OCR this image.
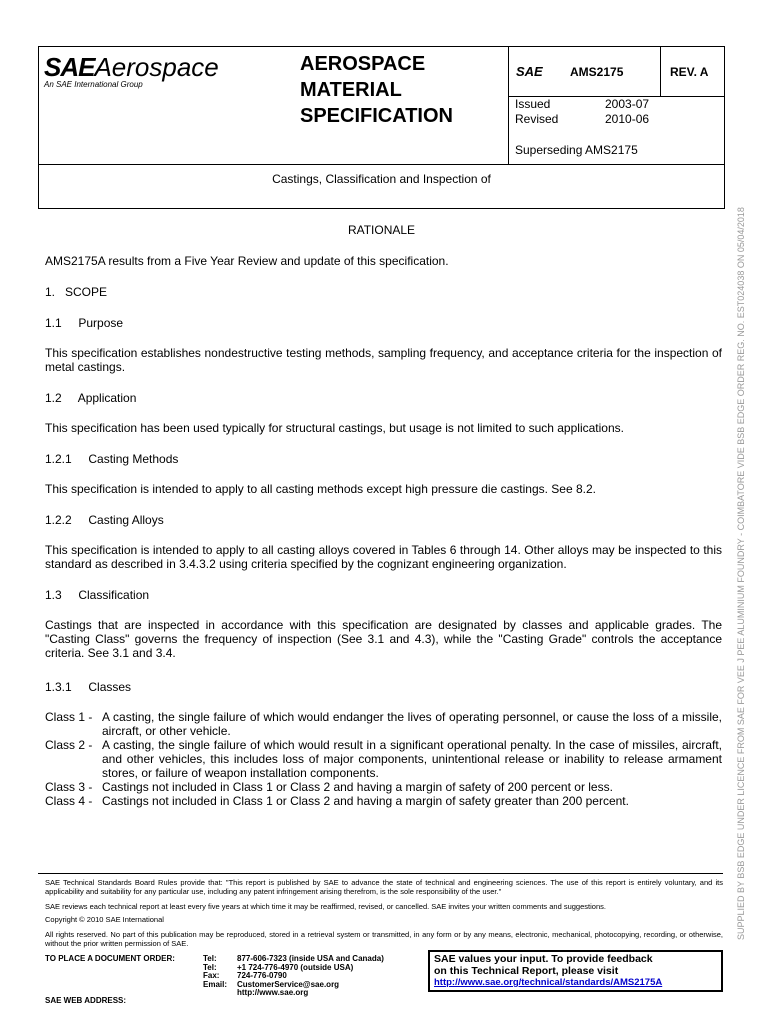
SAEAerospace
An SAE International Group
AEROSPACE
MATERIAL
SPECIFICATION
SAE AMS2175	REV. A
Issued	2003-07
Revised	2010-06
Superseding AMS2175
Castings, Classification and Inspection of
RATIONALE
AMS2175A results from a Five Year Review and update of this specification.
1.   SCOPE
1.1     Purpose
This specification establishes nondestructive testing methods, sampling frequency, and acceptance criteria for the inspection of metal castings.
1.2     Application
This specification has been used typically for structural castings, but usage is not limited to such applications.
1.2.1     Casting Methods
This specification is intended to apply to all casting methods except high pressure die castings. See 8.2.
1.2.2     Casting Alloys
This specification is intended to apply to all casting alloys covered in Tables 6 through 14. Other alloys may be inspected to this standard as described in 3.4.3.2 using criteria specified by the cognizant engineering organization.
1.3     Classification
Castings that are inspected in accordance with this specification are designated by classes and applicable grades. The "Casting Class" governs the frequency of inspection (See 3.1 and 4.3), while the "Casting Grade" controls the acceptance criteria. See 3.1 and 3.4.
1.3.1     Classes
Class 1 - A casting, the single failure of which would endanger the lives of operating personnel, or cause the loss of a missile, aircraft, or other vehicle.
Class 2 - A casting, the single failure of which would result in a significant operational penalty. In the case of missiles, aircraft, and other vehicles, this includes loss of major components, unintentional release or inability to release armament stores, or failure of weapon installation components.
Class 3 - Castings not included in Class 1 or Class 2 and having a margin of safety of 200 percent or less.
Class 4 - Castings not included in Class 1 or Class 2 and having a margin of safety greater than 200 percent.
SAE Technical Standards Board Rules provide that: "This report is published by SAE to advance the state of technical and engineering sciences. The use of this report is entirely voluntary, and its applicability and suitability for any particular use, including any patent infringement arising therefrom, is the sole responsibility of the user."
SAE reviews each technical report at least every five years at which time it may be reaffirmed, revised, or cancelled. SAE invites your written comments and suggestions.
Copyright © 2010 SAE International
All rights reserved. No part of this publication may be reproduced, stored in a retrieval system or transmitted, in any form or by any means, electronic, mechanical, photocopying, recording, or otherwise, without the prior written permission of SAE.
TO PLACE A DOCUMENT ORDER:
SAE WEB ADDRESS:
Tel:	877-606-7323 (inside USA and Canada)
Tel:	+1 724-776-4970 (outside USA)
Fax:	724-776-0790
Email:	CustomerService@sae.org
http://www.sae.org
SAE values your input. To provide feedback
on this Technical Report, please visit
http://www.sae.org/technical/standards/AMS2175A
SUPPLIED BY BSB EDGE UNDER LICENCE FROM SAE FOR VEE J PEE ALUMINIUM FOUNDRY - COIMBATORE VIDE BSB EDGE ORDER REG. NO. EST024038 ON 05/04/2018
